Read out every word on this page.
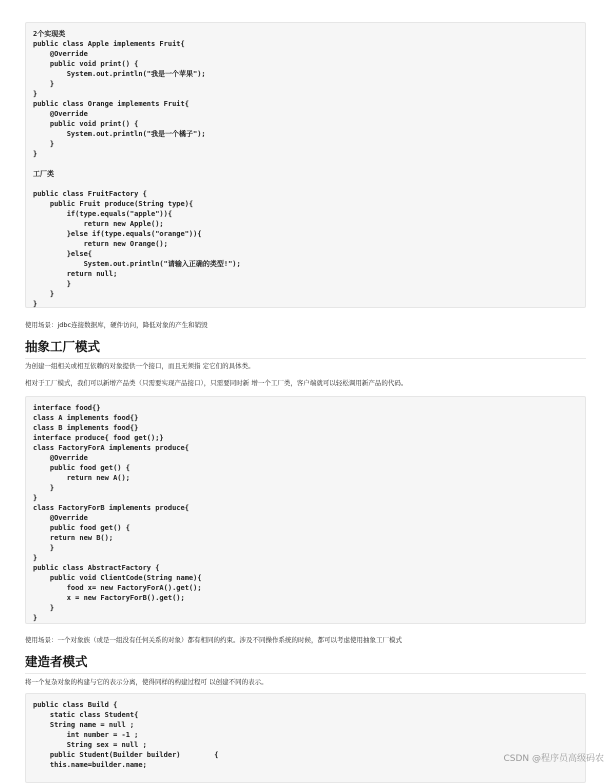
2个实现类
public class Apple implements Fruit{
@Override
public void print() {
System.out.println("我是一个苹果");
}
}
public class Orange implements Fruit{
@Override
public void print() {
System.out.println("我是一个橘子");
}
}

工厂类

public class FruitFactory {
public Fruit produce(String type){
if(type.equals("apple")){
return new Apple();
}else if(type.equals("orange")){
return new Orange();
}else{
System.out.println("请输入正确的类型!");
return null;
}
}
}

使用场景：jdbc连接数据库，硬件访问，降低对象的产生和销毁

抽象工厂模式

为创建一组相关或相互依赖的对象提供一个接口，而且无须指 定它们的具体类。

相对于工厂模式，我们可以新增产品类（只需要实现产品接口），只需要同时新 增一个工厂类，客户端就可以轻松调用新产品的代码。

interface food{}
class A implements food{}
class B implements food{}
interface produce{ food get();}
class FactoryForA implements produce{
@Override
public food get() {
return new A();
}
}
class FactoryForB implements produce{
@Override
public food get() {
return new B();
}
}
public class AbstractFactory {
public void ClientCode(String name){
food x= new FactoryForA().get();
x = new FactoryForB().get();
}
}

使用场景：一个对象族（或是一组没有任何关系的对象）都有相同的约束。涉及不同操作系统的时候，都可以考虑使用抽象工厂模式

建造者模式

将一个复杂对象的构建与它的表示分离，使得同样的构建过程可 以创建不同的表示。

public class Build {
static class Student{
String name = null ;
int number = -1 ;
String sex = null ;
public Student(Builder builder)        {
this.name=builder.name;
CSDN @程序员高级码农
